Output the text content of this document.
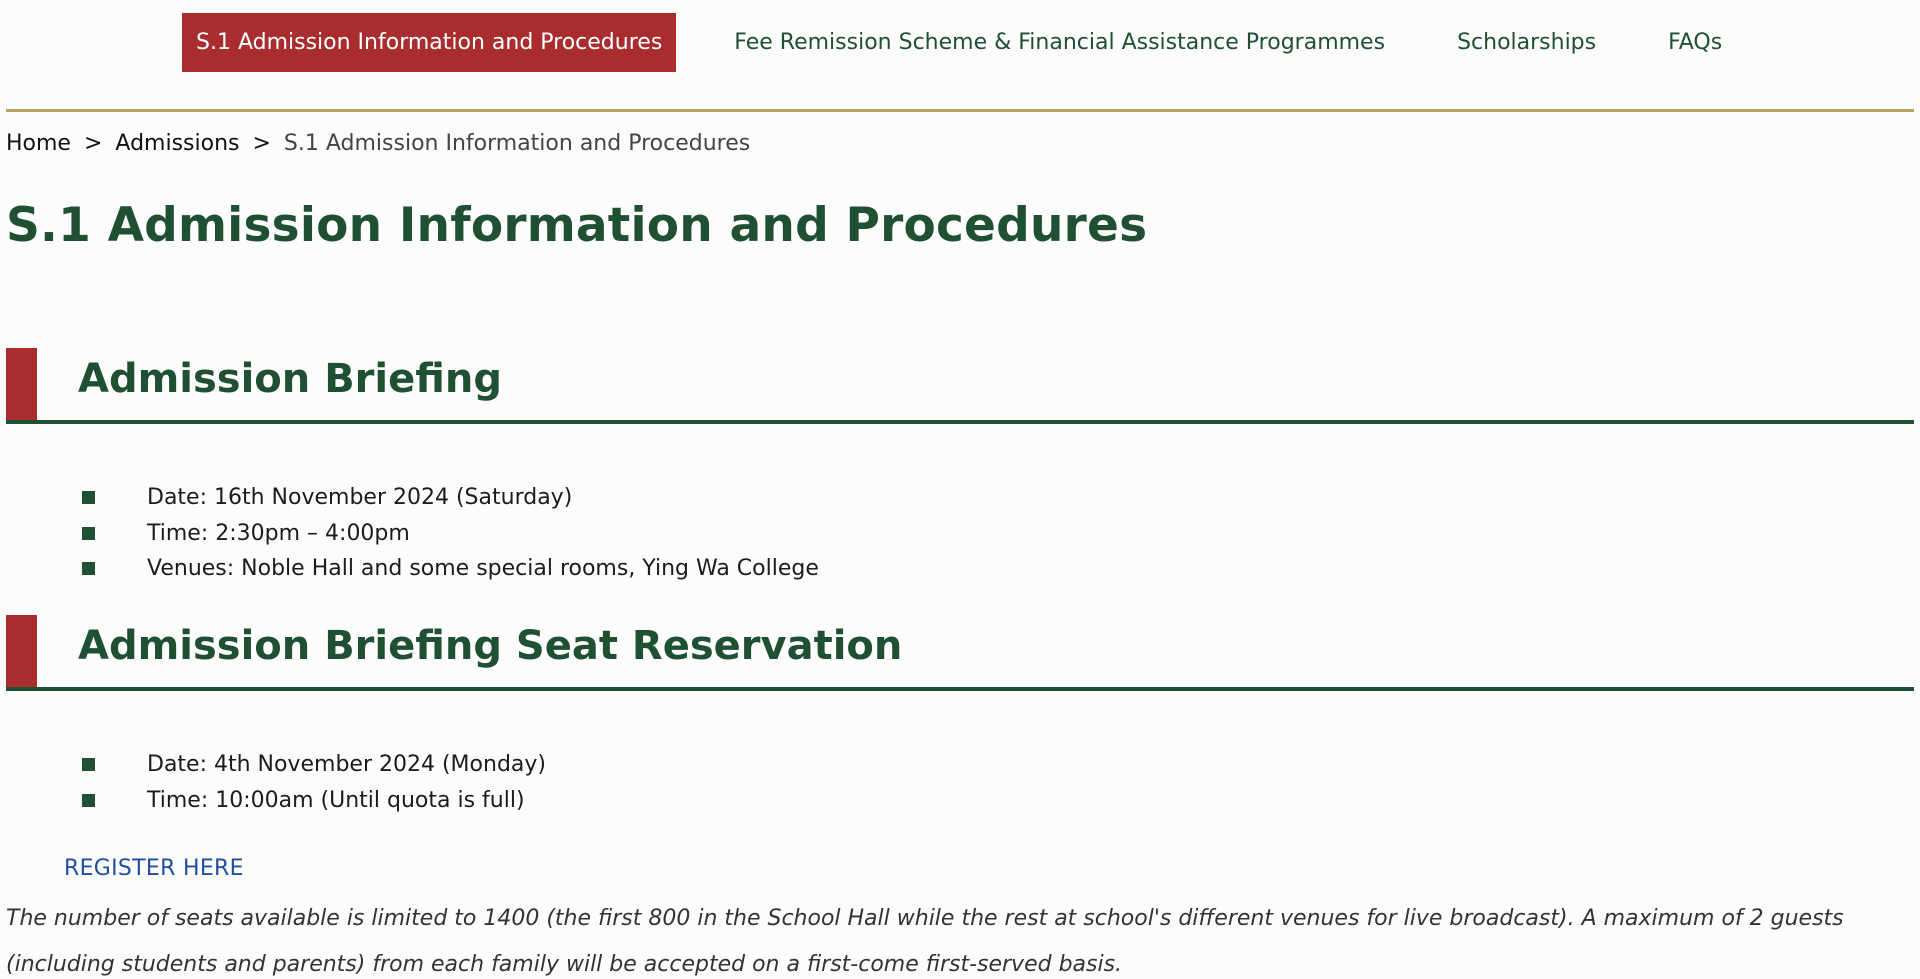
S.1 Admission Information and Procedures	Fee Remission Scheme & Financial Assistance Programmes	Scholarships	FAQs
Home > Admissions > S.1 Admission Information and Procedures
S.1 Admission Information and Procedures
Admission Briefing
Date: 16th November 2024 (Saturday)
Time: 2:30pm – 4:00pm
Venues: Noble Hall and some special rooms, Ying Wa College
Admission Briefing Seat Reservation
Date: 4th November 2024 (Monday)
Time: 10:00am (Until quota is full)
REGISTER HERE

The number of seats available is limited to 1400 (the first 800 in the School Hall while the rest at school's different venues for live broadcast). A maximum of 2 guests (including students and parents) from each family will be accepted on a first-come first-served basis.
